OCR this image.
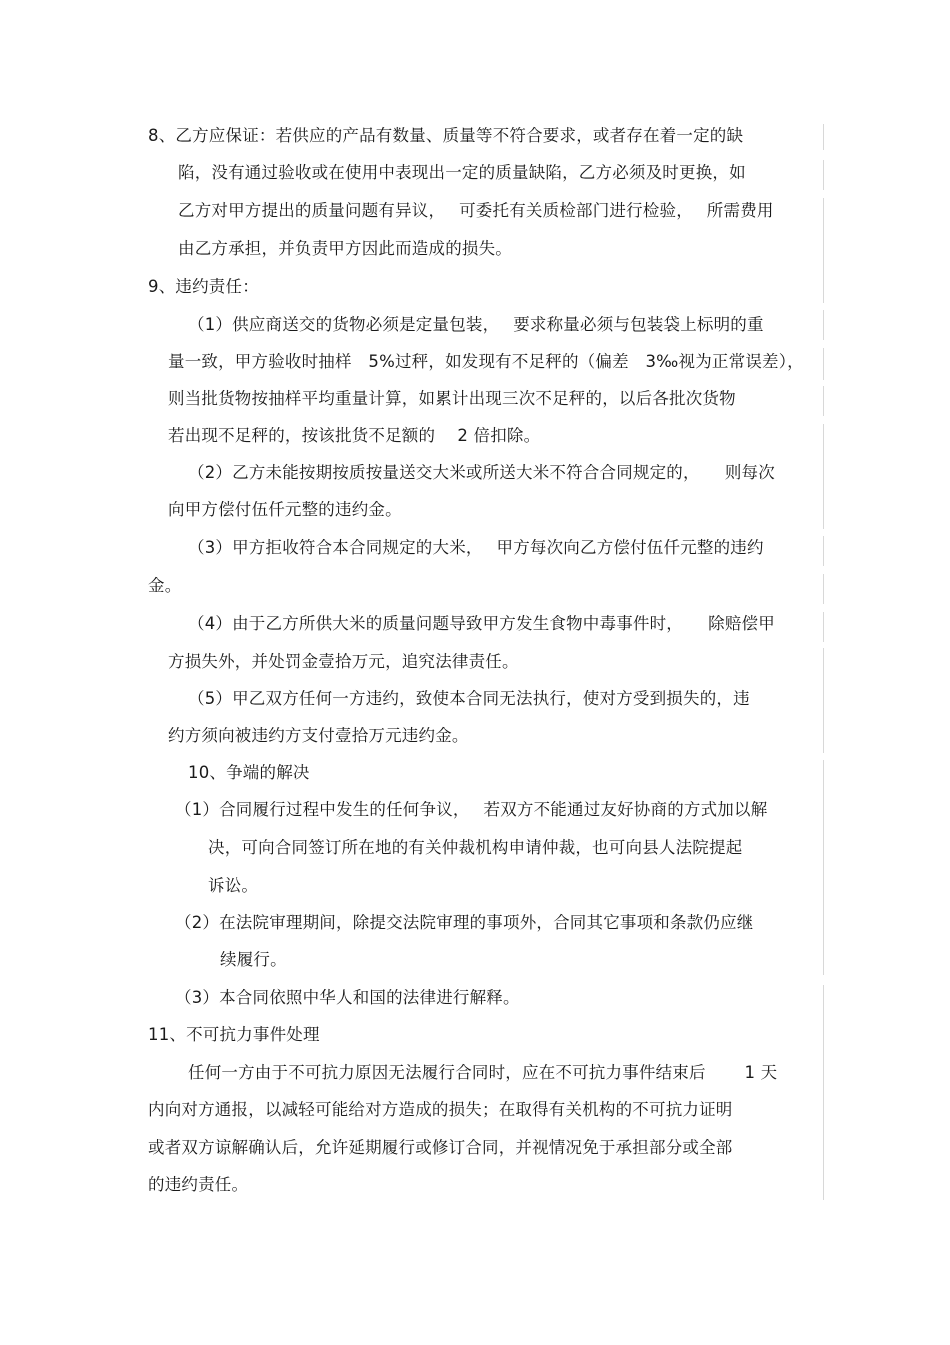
8、乙方应保证：若供应的产品有数量、质量等不符合要求，或者存在着一定的缺
陷，没有通过验收或在使用中表现出一定的质量缺陷，乙方必须及时更换，如
乙方对甲方提出的质量问题有异议，　 可委托有关质检部门进行检验，　 所需费用
由乙方承担，并负责甲方因此而造成的损失。
9、违约责任：
（1）供应商送交的货物必须是定量包装，　 要求称量必须与包装袋上标明的重
量一致，甲方验收时抽样　5%过秤，如发现有不足秤的（偏差　3‰视为正常误差），
则当批货物按抽样平均重量计算，如累计出现三次不足秤的，以后各批次货物
若出现不足秤的，按该批货不足额的　 2 倍扣除。
（2）乙方未能按期按质按量送交大米或所送大米不符合合同规定的，　　则每次
向甲方偿付伍仟元整的违约金。
（3）甲方拒收符合本合同规定的大米，　 甲方每次向乙方偿付伍仟元整的违约
金。
（4）由于乙方所供大米的质量问题导致甲方发生食物中毒事件时，　　除赔偿甲
方损失外，并处罚金壹拾万元，追究法律责任。
（5）甲乙双方任何一方违约，致使本合同无法执行，使对方受到损失的，违
约方须向被违约方支付壹拾万元违约金。
10、争端的解决
（1）合同履行过程中发生的任何争议，　 若双方不能通过友好协商的方式加以解
决，可向合同签订所在地的有关仲裁机构申请仲裁，也可向县人法院提起
诉讼。
（2）在法院审理期间，除提交法院审理的事项外，合同其它事项和条款仍应继
续履行。
（3）本合同依照中华人和国的法律进行解释。
11、不可抗力事件处理
任何一方由于不可抗力原因无法履行合同时，应在不可抗力事件结束后　　 1 天
内向对方通报，以减轻可能给对方造成的损失；在取得有关机构的不可抗力证明
或者双方谅解确认后，允许延期履行或修订合同，并视情况免于承担部分或全部
的违约责任。
